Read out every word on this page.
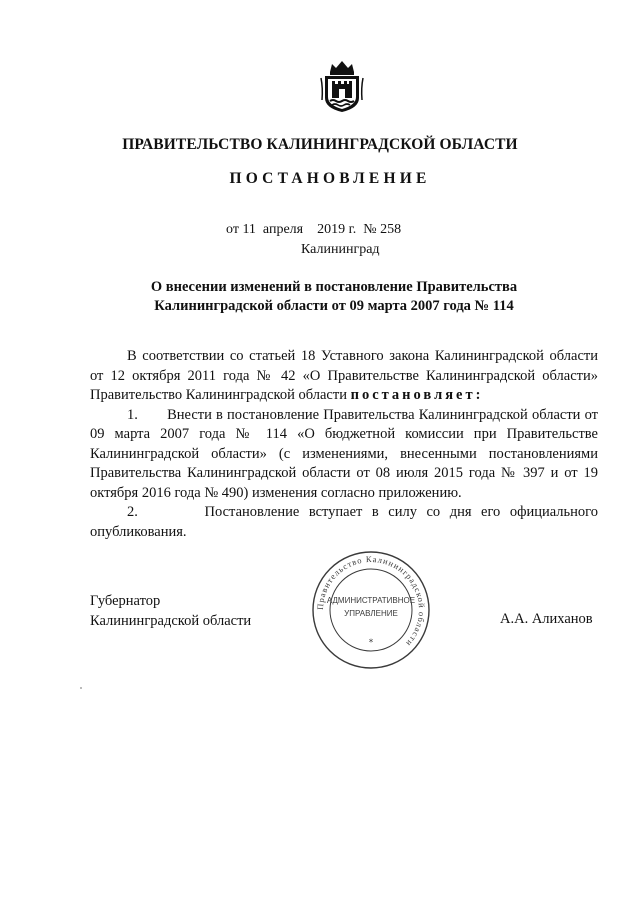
ПРАВИТЕЛЬСТВО КАЛИНИНГРАДСКОЙ ОБЛАСТИ
ПОСТАНОВЛЕНИЕ
от 11 апреля 2019 г. № 258
Калининград
О внесении изменений в постановление Правительства Калининградской области от 09 марта 2007 года № 114

В соответствии со статьей 18 Уставного закона Калининградской области от 12 октября 2011 года № 42 «О Правительстве Калининградской области» Правительство Калининградской области постановляет:

1.       Внести в постановление Правительства Калининградской области от 09 марта 2007 года № 114 «О бюджетной комиссии при Правительстве Калининградской области» (с изменениями, внесенными постановлениями Правительства Калининградской области от 08 июля 2015 года № 397 и от 19 октября 2016 года № 490) изменения согласно приложению.

2.       Постановление вступает в силу со дня его официального опубликования.

Губернатор
Калининградской области	А.А. Алиханов
Правительство Калининградской области
АДМИНИСТРАТИВНОЕ
УПРАВЛЕНИЕ
*
